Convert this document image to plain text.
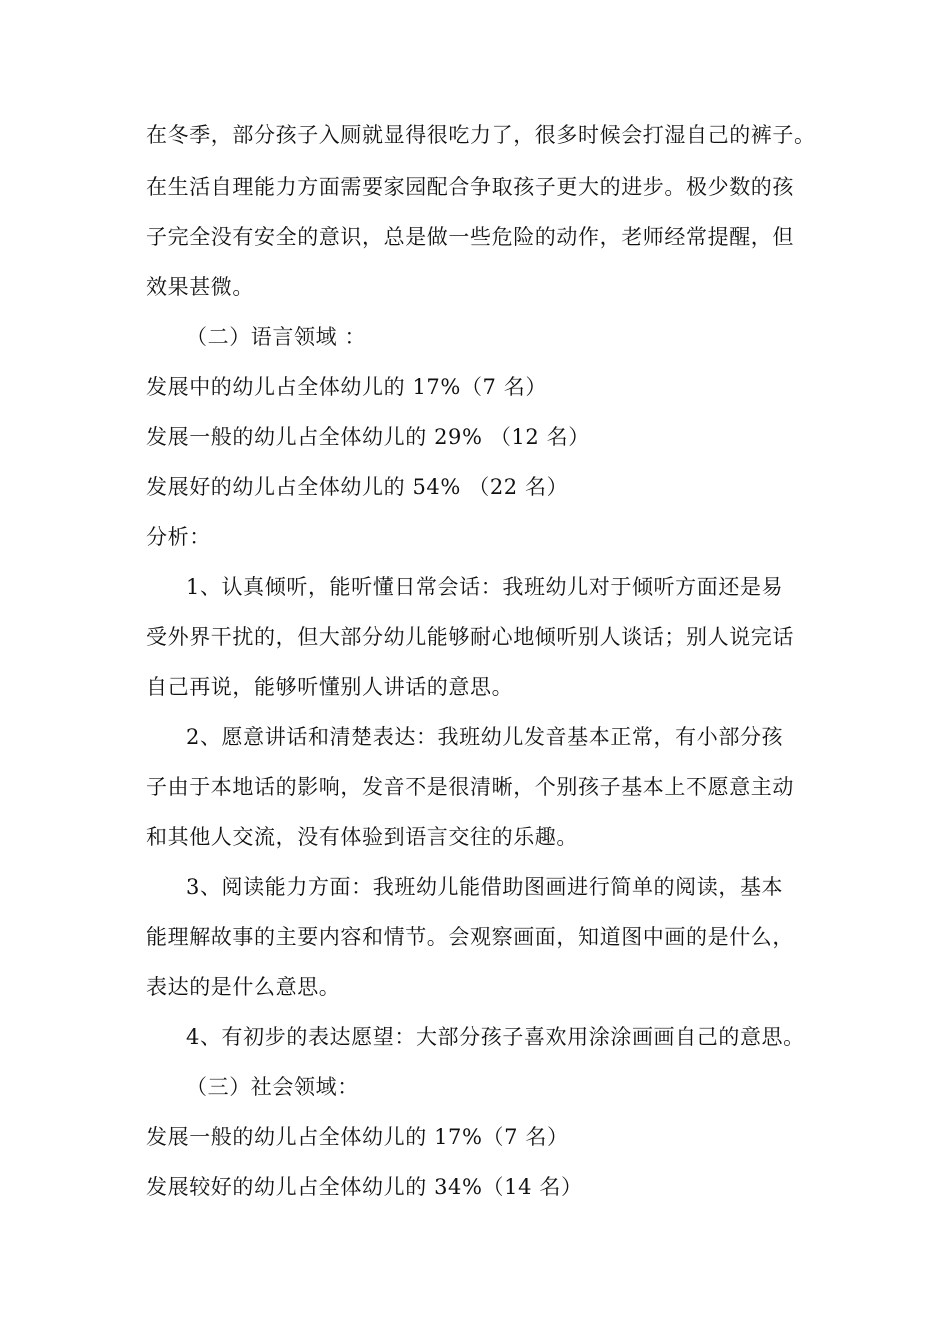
在冬季，部分孩子入厕就显得很吃力了，很多时候会打湿自己的裤子。
在生活自理能力方面需要家园配合争取孩子更大的进步。极少数的孩
子完全没有安全的意识，总是做一些危险的动作，老师经常提醒，但
效果甚微。
（二）语言领域 ：
发展中的幼儿占全体幼儿的 17%（7 名）
发展一般的幼儿占全体幼儿的 29% （12 名）
发展好的幼儿占全体幼儿的 54% （22 名）
分析：
1、认真倾听，能听懂日常会话：我班幼儿对于倾听方面还是易
受外界干扰的，但大部分幼儿能够耐心地倾听别人谈话；别人说完话
自己再说，能够听懂别人讲话的意思。
2、愿意讲话和清楚表达：我班幼儿发音基本正常，有小部分孩
子由于本地话的影响，发音不是很清晰，个别孩子基本上不愿意主动
和其他人交流，没有体验到语言交往的乐趣。
3、阅读能力方面：我班幼儿能借助图画进行简单的阅读，基本
能理解故事的主要内容和情节。会观察画面，知道图中画的是什么，
表达的是什么意思。
4、有初步的表达愿望：大部分孩子喜欢用涂涂画画自己的意思。
（三）社会领域：
发展一般的幼儿占全体幼儿的 17%（7 名）
发展较好的幼儿占全体幼儿的 34%（14 名）
